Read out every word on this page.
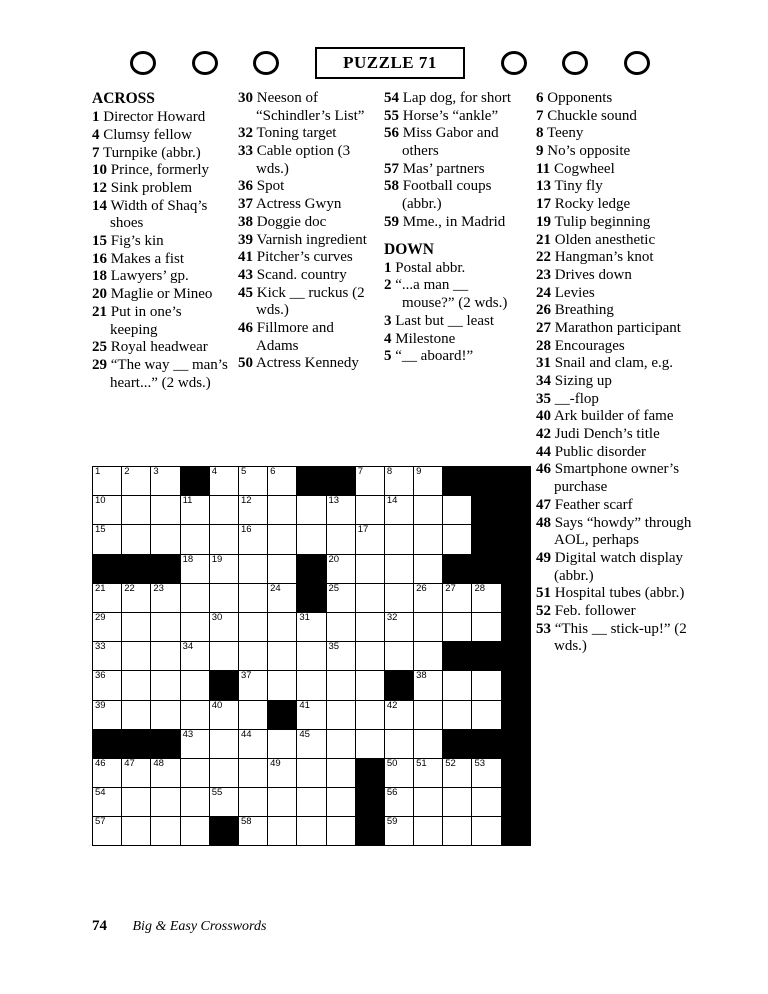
PUZZLE 71
ACROSS
1 Director Howard
4 Clumsy fellow
7 Turnpike (abbr.)
10 Prince, formerly
12 Sink problem
14 Width of Shaq’s shoes
15 Fig’s kin
16 Makes a fist
18 Lawyers’ gp.
20 Maglie or Mineo
21 Put in one’s keeping
25 Royal headwear
29 “The way __ man’s heart...” (2 wds.)
30 Neeson of “Schindler’s List”
32 Toning target
33 Cable option (3 wds.)
36 Spot
37 Actress Gwyn
38 Doggie doc
39 Varnish ingredient
41 Pitcher’s curves
43 Scand. country
45 Kick __ ruckus (2 wds.)
46 Fillmore and Adams
50 Actress Kennedy
54 Lap dog, for short
55 Horse’s “ankle”
56 Miss Gabor and others
57 Mas’ partners
58 Football coups (abbr.)
59 Mme., in Madrid
DOWN
1 Postal abbr.
2 “...a man __ mouse?” (2 wds.)
3 Last but __ least
4 Milestone
5 “__ aboard!”
6 Opponents
7 Chuckle sound
8 Teeny
9 No’s opposite
11 Cogwheel
13 Tiny fly
17 Rocky ledge
19 Tulip beginning
21 Olden anesthetic
22 Hangman’s knot
23 Drives down
24 Levies
26 Breathing
27 Marathon participant
28 Encourages
31 Snail and clam, e.g.
34 Sizing up
35 __-flop
40 Ark builder of fame
42 Judi Dench’s title
44 Public disorder
46 Smartphone owner’s purchase
47 Feather scarf
48 Says “howdy” through AOL, perhaps
49 Digital watch display (abbr.)
51 Hospital tubes (abbr.)
52 Feb. follower
53 “This __ stick-up!” (2 wds.)
1	2	3		4	5	6			7	8	9			

10			11		12			13		14				

15					16				17					

			18	19				20						

21	22	23				24		25			26	27	28	

29				30			31			32				

33			34					35						

36					37						38			

39				40			41			42				

			43		44		45							

46	47	48				49				50	51	52	53	

54				55						56				

57					58					59				

74 Big & Easy Crosswords
